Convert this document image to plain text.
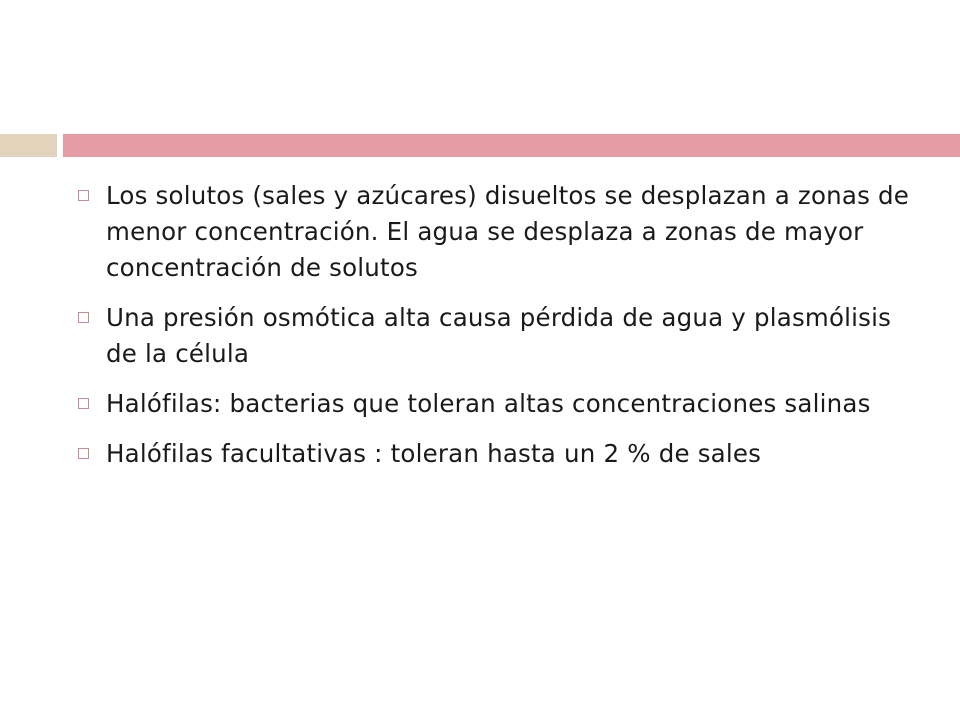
Los solutos (sales y azúcares) disueltos se desplazan a zonas de menor concentración. El agua se desplaza a zonas de mayor concentración de solutos
Una presión osmótica alta causa pérdida de agua y plasmólisis de la célula
Halófilas: bacterias que toleran altas concentraciones salinas
Halófilas facultativas : toleran hasta un 2 % de sales
